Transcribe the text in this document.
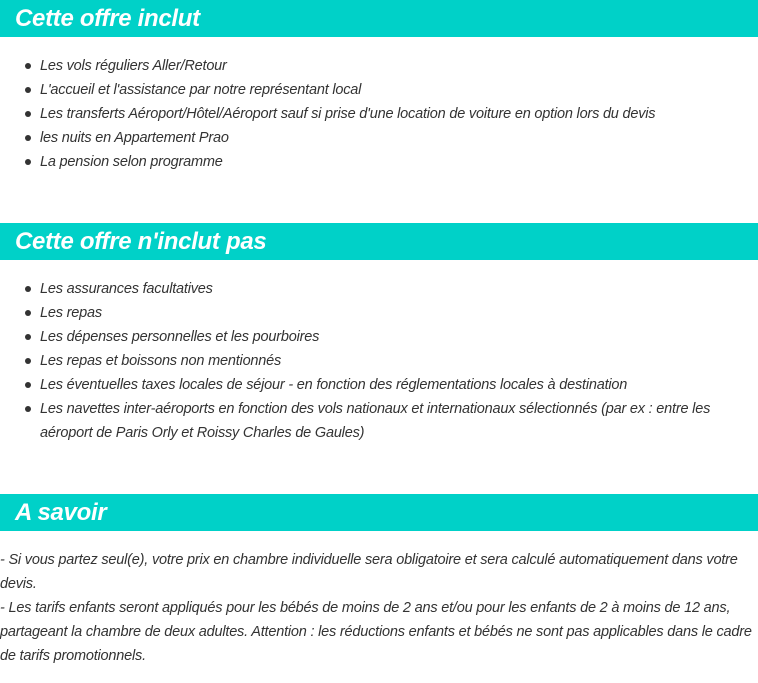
Cette offre inclut
Les vols réguliers Aller/Retour
L'accueil et l'assistance par notre représentant local
Les transferts Aéroport/Hôtel/Aéroport sauf si prise d'une location de voiture en option lors du devis
les nuits en Appartement Prao
La pension selon programme
Cette offre n'inclut pas
Les assurances facultatives
Les repas
Les dépenses personnelles et les pourboires
Les repas et boissons non mentionnés
Les éventuelles taxes locales de séjour - en fonction des réglementations locales à destination
Les navettes inter-aéroports en fonction des vols nationaux et internationaux sélectionnés (par ex : entre les aéroport de Paris Orly et Roissy Charles de Gaules)
A savoir

- Si vous partez seul(e), votre prix en chambre individuelle sera obligatoire et sera calculé automatiquement dans votre devis.

- Les tarifs enfants seront appliqués pour les bébés de moins de 2 ans et/ou pour les enfants de 2 à moins de 12 ans, partageant la chambre de deux adultes. Attention : les réductions enfants et bébés ne sont pas applicables dans le cadre de tarifs promotionnels.
